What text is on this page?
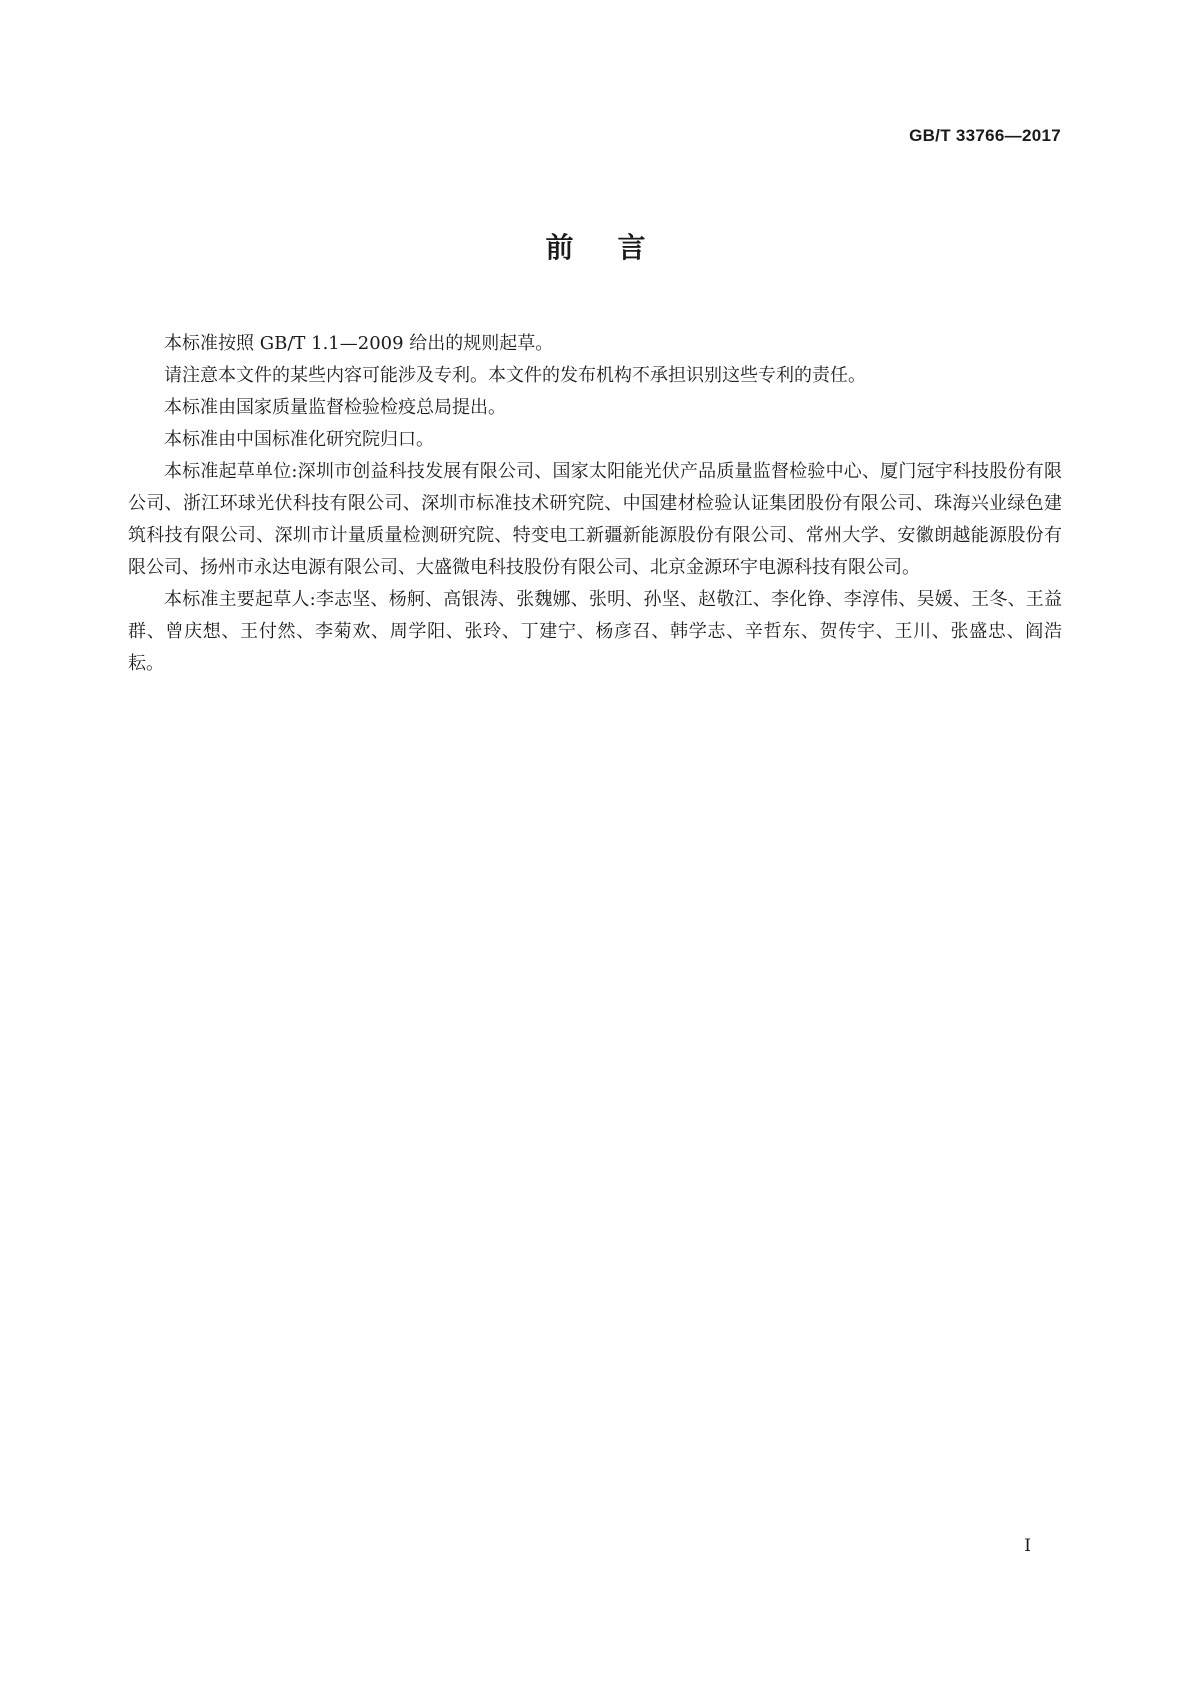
GB/T 33766—2017
前言

本标准按照 GB/T 1.1—2009 给出的规则起草。

请注意本文件的某些内容可能涉及专利。本文件的发布机构不承担识别这些专利的责任。

本标准由国家质量监督检验检疫总局提出。

本标准由中国标准化研究院归口。

本标准起草单位:深圳市创益科技发展有限公司、国家太阳能光伏产品质量监督检验中心、厦门冠宇科技股份有限公司、浙江环球光伏科技有限公司、深圳市标准技术研究院、中国建材检验认证集团股份有限公司、珠海兴业绿色建筑科技有限公司、深圳市计量质量检测研究院、特变电工新疆新能源股份有限公司、常州大学、安徽朗越能源股份有限公司、扬州市永达电源有限公司、大盛微电科技股份有限公司、北京金源环宇电源科技有限公司。

本标准主要起草人:李志坚、杨舸、高银涛、张魏娜、张明、孙坚、赵敬江、李化铮、李淳伟、吴媛、王冬、王益群、曾庆想、王付然、李菊欢、周学阳、张玲、丁建宁、杨彦召、韩学志、辛哲东、贺传宇、王川、张盛忠、阎浩耘。

I
